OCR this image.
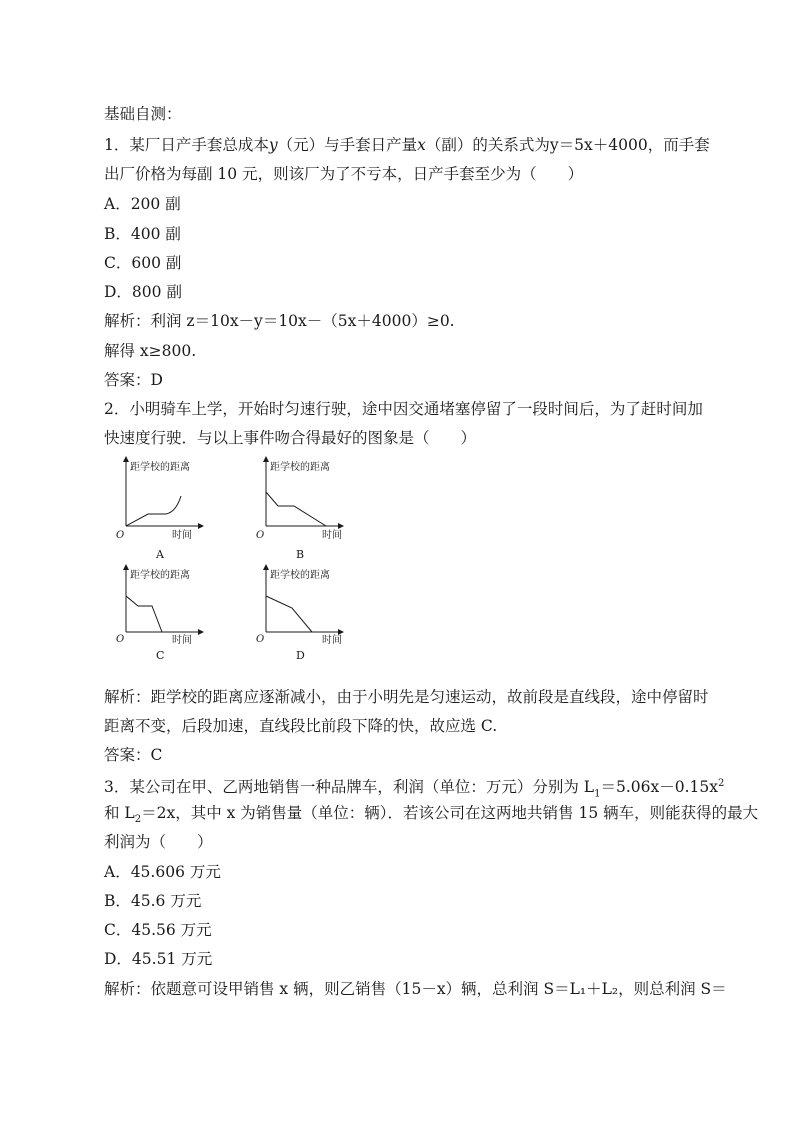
基础自测：
1．某厂日产手套总成本y（元）与手套日产量x（副）的关系式为y＝5x＋4000，而手套
出厂价格为每副 10 元，则该厂为了不亏本，日产手套至少为（　　）
A．200 副
B．400 副
C．600 副
D．800 副
解析：利润 z＝10x－y＝10x－（5x＋4000）≥0.
解得 x≥800.
答案：D
2．小明骑车上学，开始时匀速行驶，途中因交通堵塞停留了一段时间后，为了赶时间加
快速度行驶．与以上事件吻合得最好的图象是（　　）
距学校的距离
时间
O
A
距学校的距离
时间
O
B
距学校的距离
时间
O
C
距学校的距离
时间
O
D
解析：距学校的距离应逐渐减小，由于小明先是匀速运动，故前段是直线段，途中停留时
距离不变，后段加速，直线段比前段下降的快，故应选 C.
答案：C
3．某公司在甲、乙两地销售一种品牌车，利润（单位：万元）分别为 $L_1=5.06x-0.15x^2$
和 $L_2=2x$，其中 x 为销售量（单位：辆）．若该公司在这两地共销售 15 辆车，则能获得的最大
利润为（　　）
A．45.606 万元
B．45.6 万元
C．45.56 万元
D．45.51 万元
解析：依题意可设甲销售 x 辆，则乙销售（15－x）辆，总利润 S＝L₁＋L₂，则总利润 S＝
